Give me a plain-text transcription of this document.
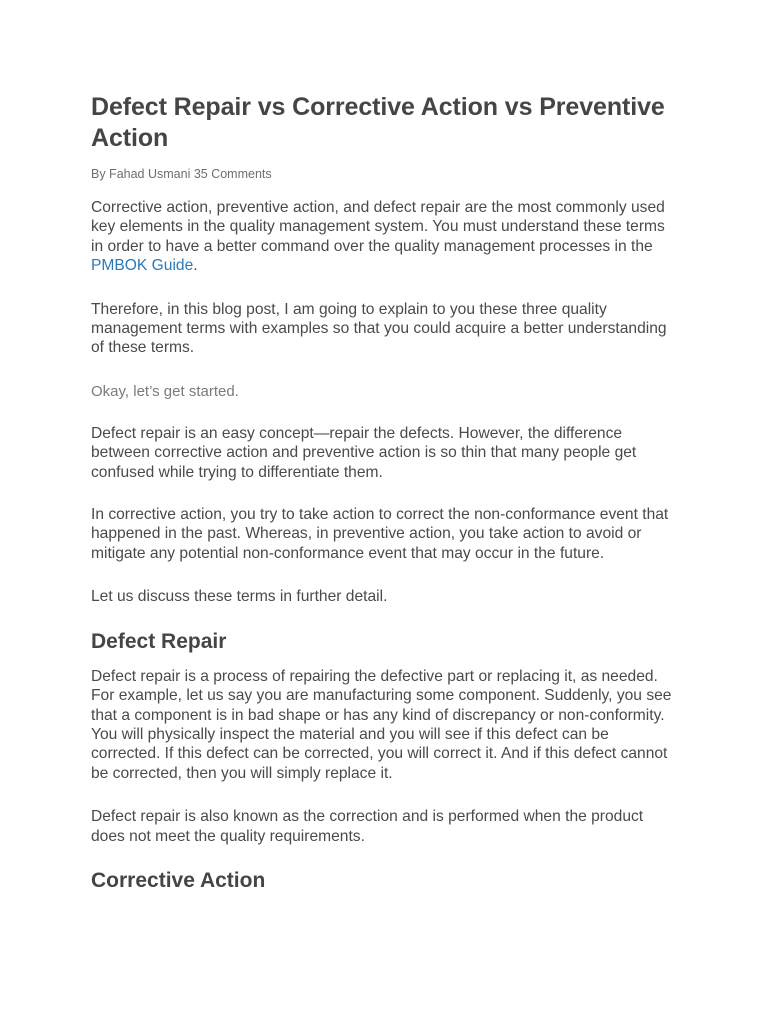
Defect Repair vs Corrective Action vs Preventive Action
By Fahad Usmani 35 Comments

Corrective action, preventive action, and defect repair are the most commonly used key elements in the quality management system. You must understand these terms in order to have a better command over the quality management processes in the PMBOK Guide.

Therefore, in this blog post, I am going to explain to you these three quality management terms with examples so that you could acquire a better understanding of these terms.

Okay, let’s get started.

Defect repair is an easy concept—repair the defects. However, the difference between corrective action and preventive action is so thin that many people get confused while trying to differentiate them.

In corrective action, you try to take action to correct the non-conformance event that happened in the past. Whereas, in preventive action, you take action to avoid or mitigate any potential non-conformance event that may occur in the future.

Let us discuss these terms in further detail.

Defect Repair

Defect repair is a process of repairing the defective part or replacing it, as needed. For example, let us say you are manufacturing some component. Suddenly, you see that a component is in bad shape or has any kind of discrepancy or non-conformity. You will physically inspect the material and you will see if this defect can be corrected. If this defect can be corrected, you will correct it. And if this defect cannot be corrected, then you will simply replace it.

Defect repair is also known as the correction and is performed when the product does not meet the quality requirements.

Corrective Action
